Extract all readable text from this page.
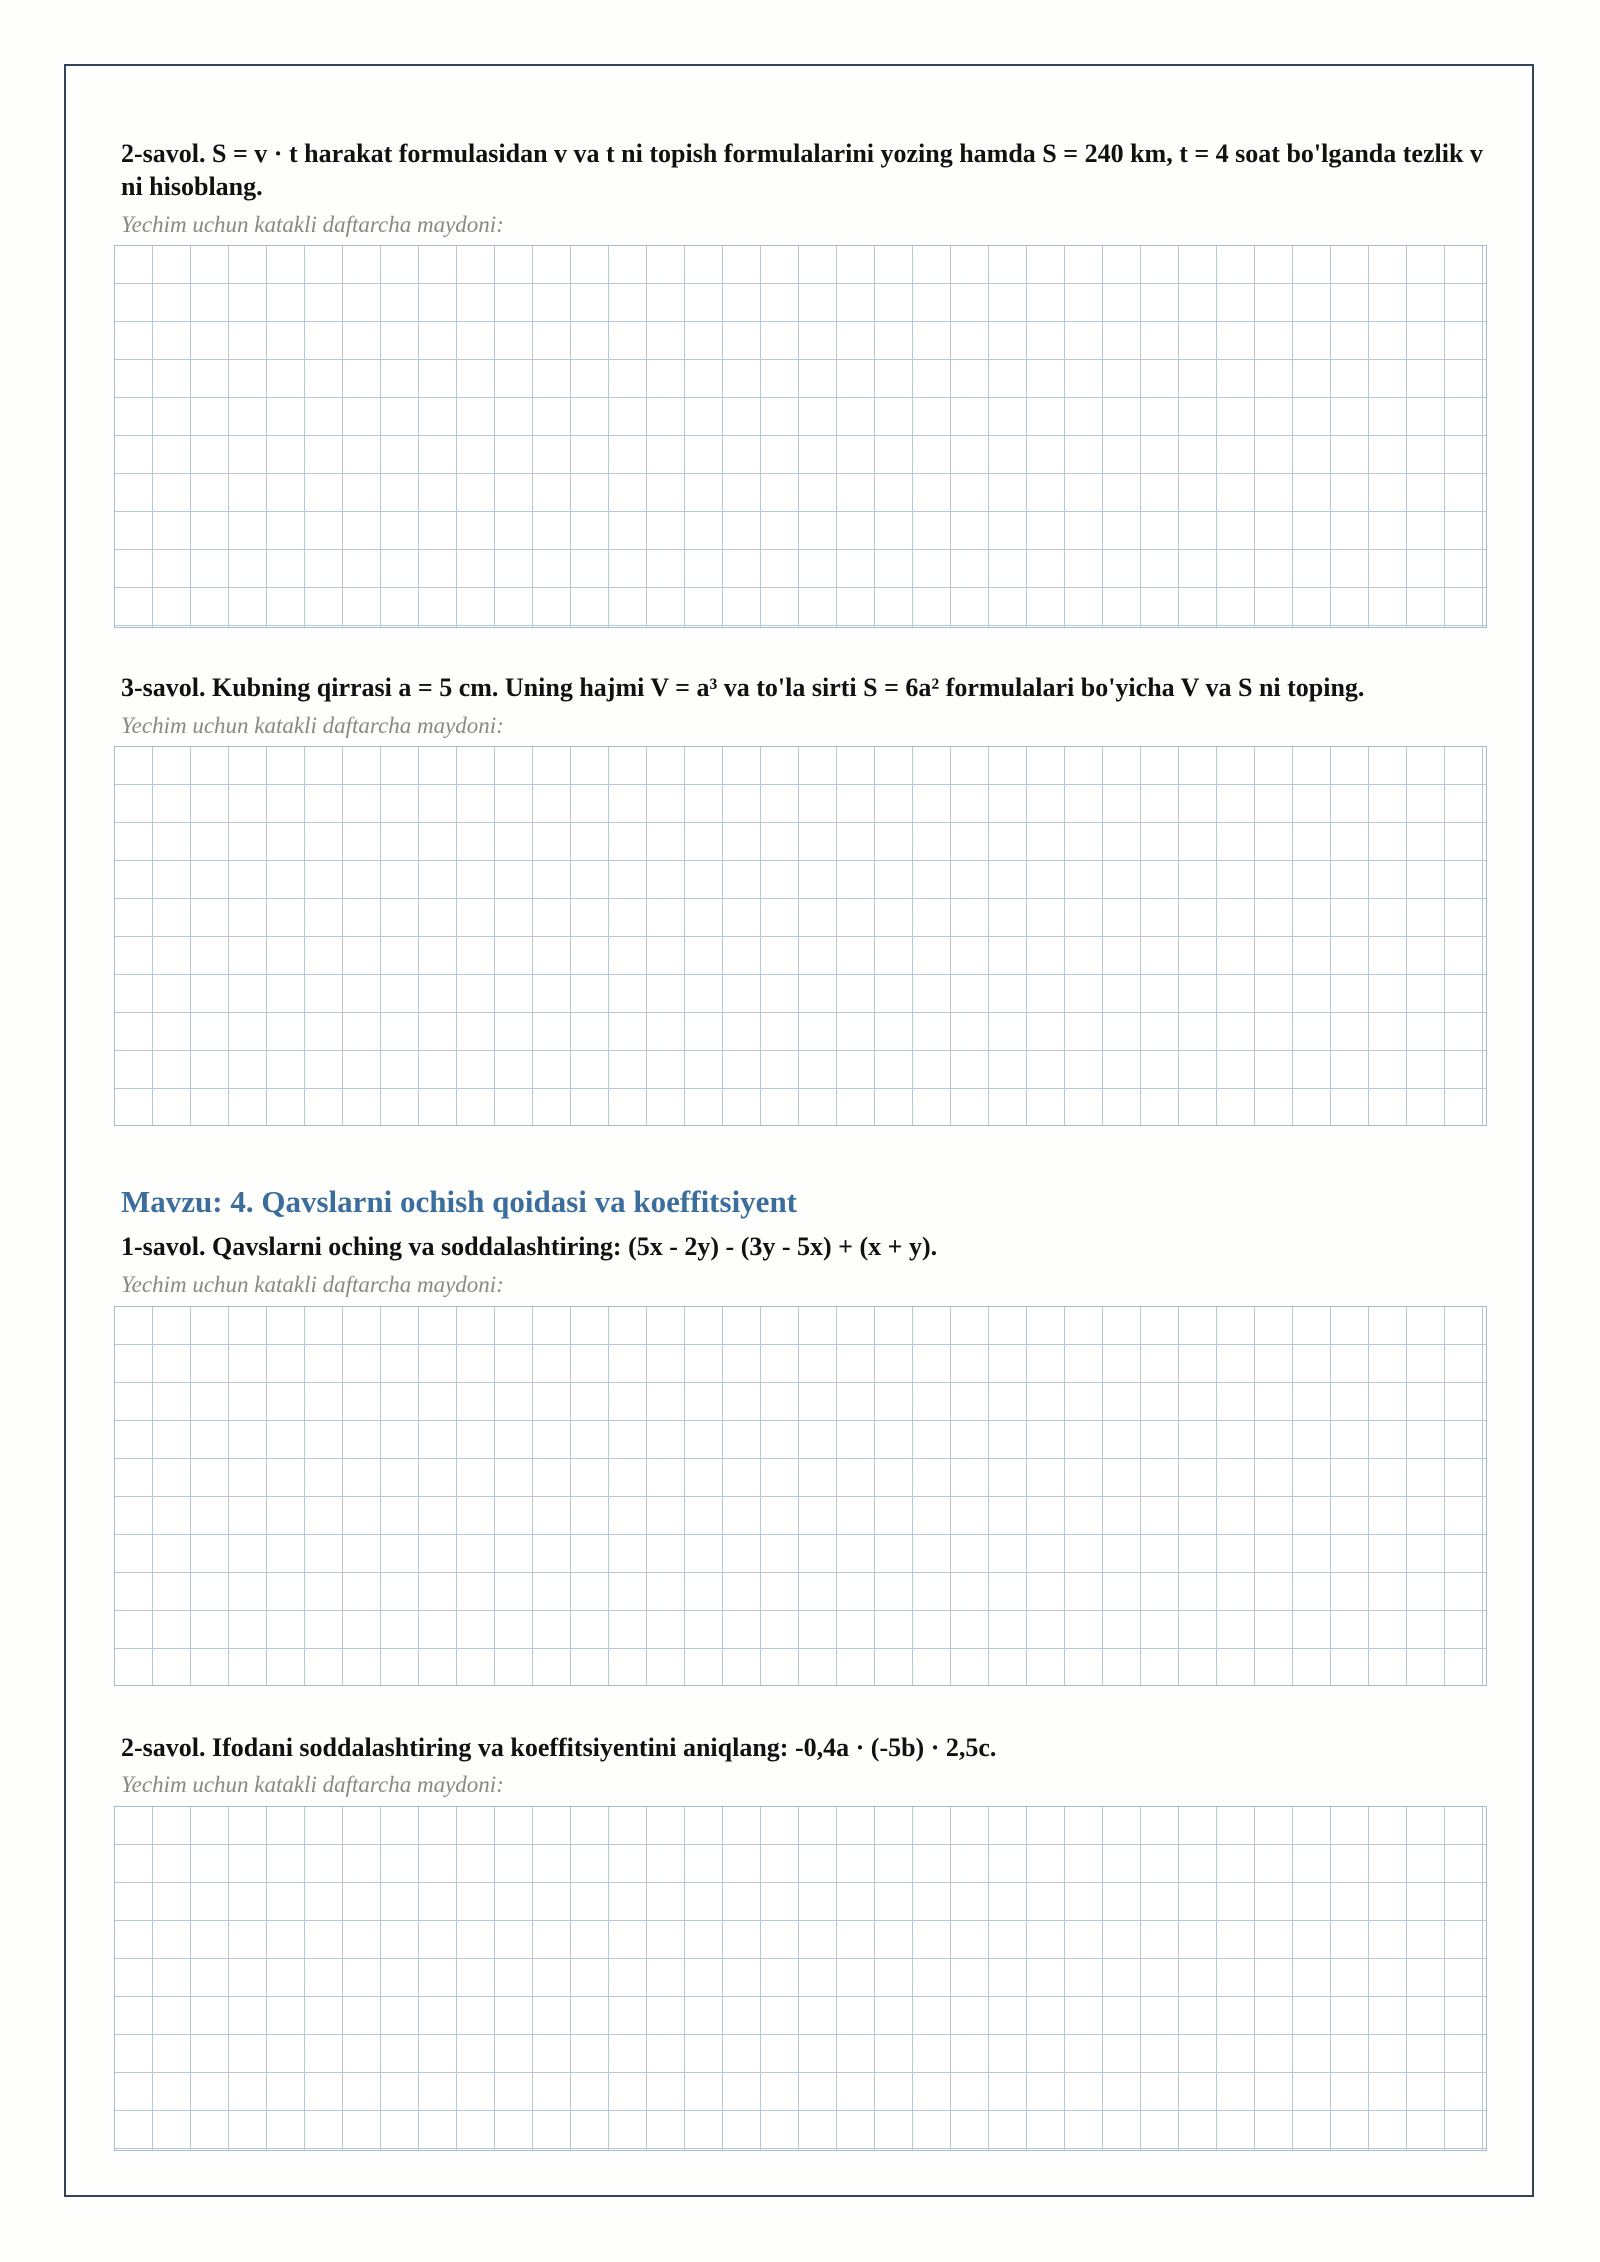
2-savol. S = v · t harakat formulasidan v va t ni topish formulalarini yozing hamda S = 240 km, t = 4 soat bo'lganda tezlik v ni hisoblang.

Yechim uchun katakli daftarcha maydoni:

3-savol. Kubning qirrasi a = 5 cm. Uning hajmi V = a³ va to'la sirti S = 6a² formulalari bo'yicha V va S ni toping.

Yechim uchun katakli daftarcha maydoni:

Mavzu: 4. Qavslarni ochish qoidasi va koeffitsiyent

1-savol. Qavslarni oching va soddalashtiring: (5x - 2y) - (3y - 5x) + (x + y).

Yechim uchun katakli daftarcha maydoni:

2-savol. Ifodani soddalashtiring va koeffitsiyentini aniqlang: -0,4a · (-5b) · 2,5c.

Yechim uchun katakli daftarcha maydoni:
